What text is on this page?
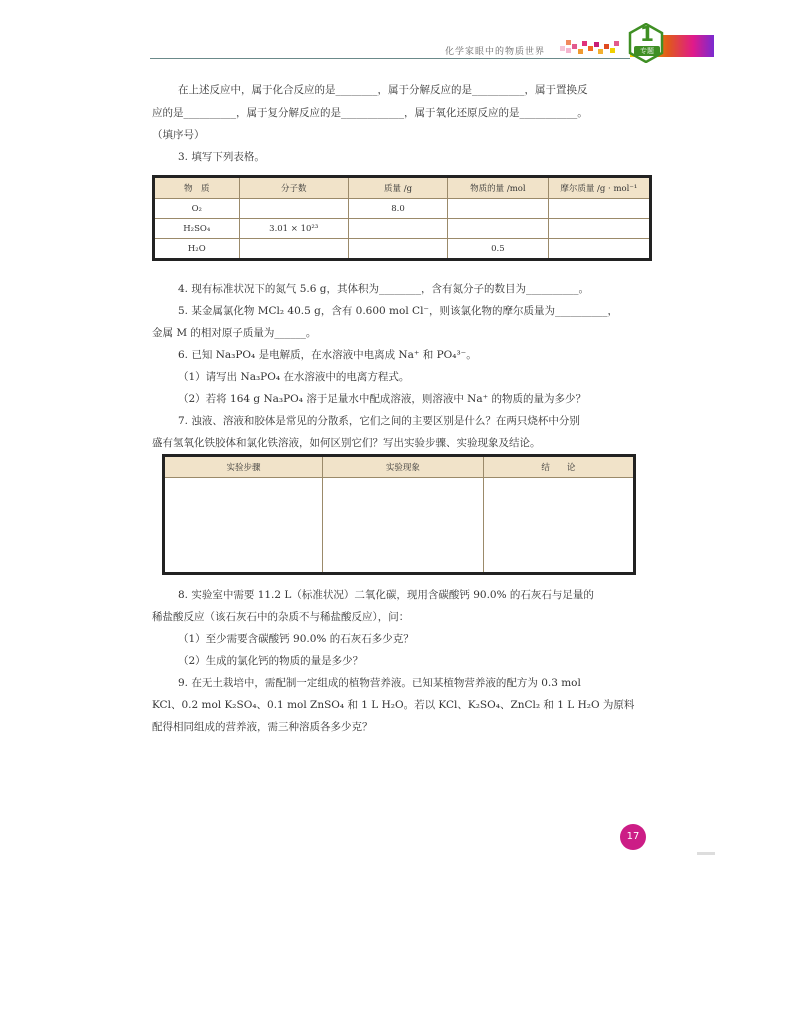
化学家眼中的物质世界
1
专题
在上述反应中，属于化合反应的是________，属于分解反应的是__________，属于置换反
应的是__________，属于复分解反应的是____________，属于氧化还原反应的是___________。
（填序号）
3. 填写下列表格。
物　质	分子数	质量 /g	物质的量 /mol	摩尔质量 /g · mol⁻¹
O₂		8.0		
H₂SO₄	3.01 × 10²³			
H₂O			0.5	
4. 现有标准状况下的氮气 5.6 g，其体积为________，含有氮分子的数目为__________。
5. 某金属氯化物 MCl₂ 40.5 g，含有 0.600 mol Cl⁻，则该氯化物的摩尔质量为__________，
金属 M 的相对原子质量为______。
6. 已知 Na₃PO₄ 是电解质，在水溶液中电离成 Na⁺ 和 PO₄³⁻。
（1）请写出 Na₃PO₄ 在水溶液中的电离方程式。
（2）若将 164 g Na₃PO₄ 溶于足量水中配成溶液，则溶液中 Na⁺ 的物质的量为多少？
7. 浊液、溶液和胶体是常见的分散系，它们之间的主要区别是什么？在两只烧杯中分别
盛有氢氧化铁胶体和氯化铁溶液，如何区别它们？写出实验步骤、实验现象及结论。
实验步骤	实验现象	结　　论

8. 实验室中需要 11.2 L（标准状况）二氧化碳，现用含碳酸钙 90.0% 的石灰石与足量的
稀盐酸反应（该石灰石中的杂质不与稀盐酸反应），问：
（1）至少需要含碳酸钙 90.0% 的石灰石多少克？
（2）生成的氯化钙的物质的量是多少？
9. 在无土栽培中，需配制一定组成的植物营养液。已知某植物营养液的配方为 0.3 mol
KCl、0.2 mol K₂SO₄、0.1 mol ZnSO₄ 和 1 L H₂O。若以 KCl、K₂SO₄、ZnCl₂ 和 1 L H₂O 为原料
配得相同组成的营养液，需三种溶质各多少克？
17
